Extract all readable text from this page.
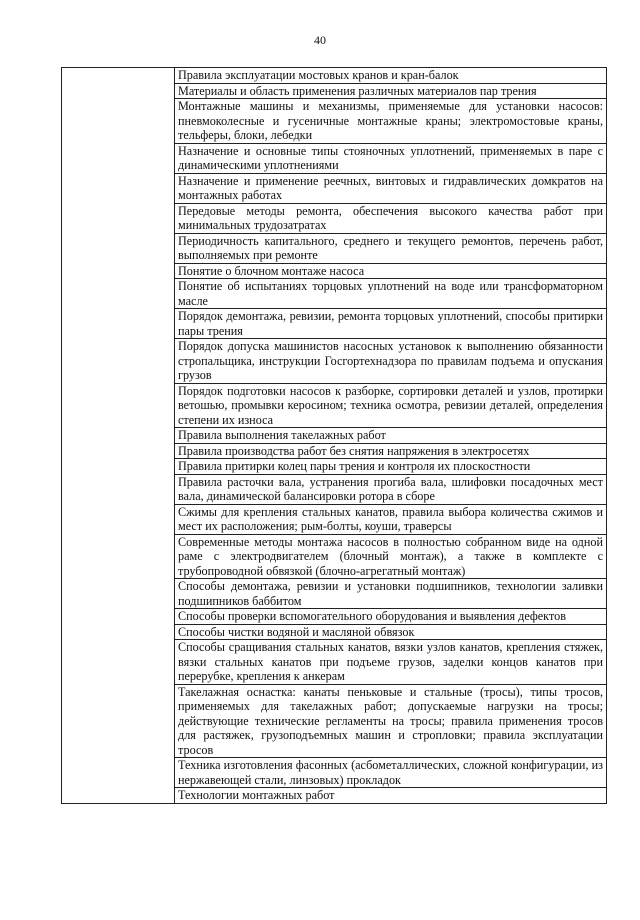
40
	Правила эксплуатации мостовых кранов и кран-балок
Материалы и область применения различных материалов пар трения
Монтажные машины и механизмы, применяемые для установки насосов: пневмоколесные и гусеничные монтажные краны; электромостовые краны, тельферы, блоки, лебедки
Назначение и основные типы стояночных уплотнений, применяемых в паре с динамическими уплотнениями
Назначение и применение реечных, винтовых и гидравлических домкратов на монтажных работах
Передовые методы ремонта, обеспечения высокого качества работ при минимальных трудозатратах
Периодичность капитального, среднего и текущего ремонтов, перечень работ, выполняемых при ремонте
Понятие о блочном монтаже насоса
Понятие об испытаниях торцовых уплотнений на воде или трансформаторном масле
Порядок демонтажа, ревизии, ремонта торцовых уплотнений, способы притирки пары трения
Порядок допуска машинистов насосных установок к выполнению обязанности стропальщика, инструкции Госгортехнадзора по правилам подъема и опускания грузов
Порядок подготовки насосов к разборке, сортировки деталей и узлов, протирки ветошью, промывки керосином; техника осмотра, ревизии деталей, определения степени их износа
Правила выполнения такелажных работ
Правила производства работ без снятия напряжения в электросетях
Правила притирки колец пары трения и контроля их плоскостности
Правила расточки вала, устранения прогиба вала, шлифовки посадочных мест вала, динамической балансировки ротора в сборе
Сжимы для крепления стальных канатов, правила выбора количества сжимов и мест их расположения; рым-болты, коуши, траверсы
Современные методы монтажа насосов в полностью собранном виде на одной раме с электродвигателем (блочный монтаж), а также в комплекте с трубопроводной обвязкой (блочно-агрегатный монтаж)
Способы демонтажа, ревизии и установки подшипников, технологии заливки подшипников баббитом
Способы проверки вспомогательного оборудования и выявления дефектов
Способы чистки водяной и масляной обвязок
Способы сращивания стальных канатов, вязки узлов канатов, крепления стяжек, вязки стальных канатов при подъеме грузов, заделки концов канатов при перерубке, крепления к анкерам
Такелажная оснастка: канаты пеньковые и стальные (тросы), типы тросов, применяемых для такелажных работ; допускаемые нагрузки на тросы; действующие технические регламенты на тросы; правила применения тросов для растяжек, грузоподъемных машин и стропловки; правила эксплуатации тросов
Техника изготовления фасонных (асбометаллических, сложной конфигурации, из нержавеющей стали, линзовых) прокладок
Технологии монтажных работ
